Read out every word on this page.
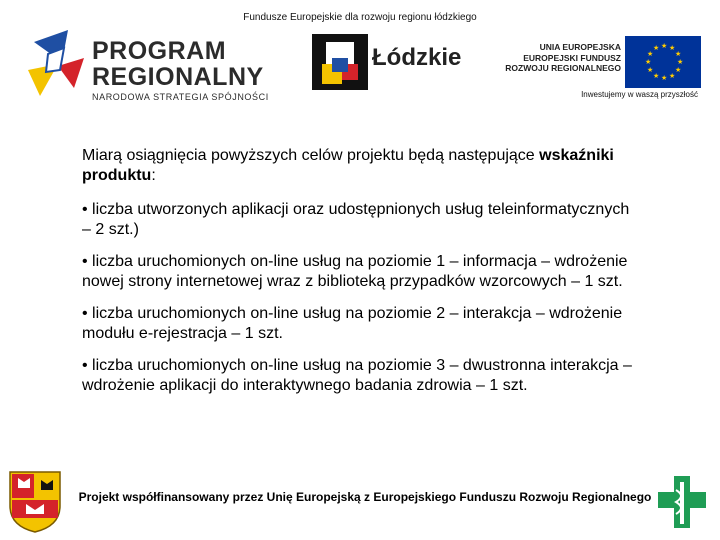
Fundusze Europejskie dla rozwoju regionu łódzkiego
PROGRAM
REGIONALNY
NARODOWA STRATEGIA SPÓJNOŚCI
Łódzkie	UNIA EUROPEJSKA
EUROPEJSKI FUNDUSZ
ROZWOJU REGIONALNEGO
★ ★
★
★
★
★
★
★
★
★
★
★
Inwestujemy w waszą przyszłość

Miarą osiągnięcia powyższych celów projektu będą następujące wskaźniki produktu:

• liczba utworzonych aplikacji oraz udostępnionych usług teleinformatycznych – 2 szt.)

• liczba uruchomionych on-line usług na poziomie 1 – informacja – wdrożenie nowej strony internetowej wraz z biblioteką przypadków wzorcowych – 1 szt.

• liczba uruchomionych on-line usług na poziomie 2 – interakcja – wdrożenie modułu e-rejestracja – 1 szt.

• liczba uruchomionych on-line usług na poziomie 3 – dwustronna interakcja – wdrożenie aplikacji do interaktywnego badania zdrowia – 1 szt.

Projekt współfinansowany przez Unię Europejską z Europejskiego Funduszu Rozwoju Regionalnego
